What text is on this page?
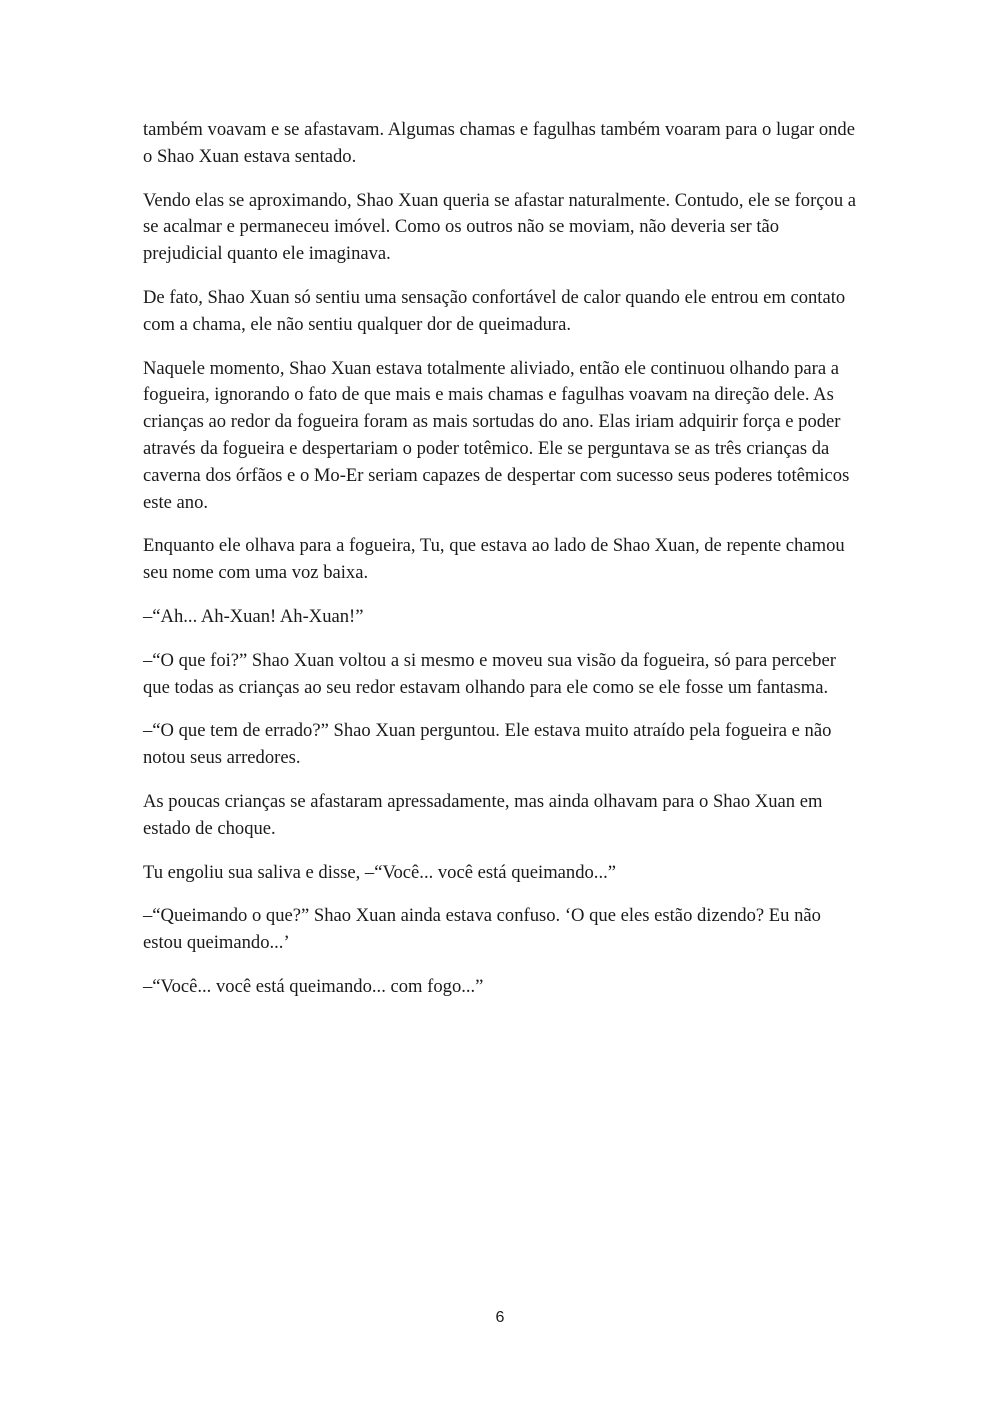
também voavam e se afastavam. Algumas chamas e fagulhas também voaram para o lugar onde o Shao Xuan estava sentado.

Vendo elas se aproximando, Shao Xuan queria se afastar naturalmente. Contudo, ele se forçou a se acalmar e permaneceu imóvel. Como os outros não se moviam, não deveria ser tão prejudicial quanto ele imaginava.

De fato, Shao Xuan só sentiu uma sensação confortável de calor quando ele entrou em contato com a chama, ele não sentiu qualquer dor de queimadura.

Naquele momento, Shao Xuan estava totalmente aliviado, então ele continuou olhando para a fogueira, ignorando o fato de que mais e mais chamas e fagulhas voavam na direção dele. As crianças ao redor da fogueira foram as mais sortudas do ano. Elas iriam adquirir força e poder através da fogueira e despertariam o poder totêmico. Ele se perguntava se as três crianças da caverna dos órfãos e o Mo-Er seriam capazes de despertar com sucesso seus poderes totêmicos este ano.

Enquanto ele olhava para a fogueira, Tu, que estava ao lado de Shao Xuan, de repente chamou seu nome com uma voz baixa.

–“Ah... Ah-Xuan! Ah-Xuan!”

–“O que foi?” Shao Xuan voltou a si mesmo e moveu sua visão da fogueira, só para perceber que todas as crianças ao seu redor estavam olhando para ele como se ele fosse um fantasma.

–“O que tem de errado?” Shao Xuan perguntou. Ele estava muito atraído pela fogueira e não notou seus arredores.

As poucas crianças se afastaram apressadamente, mas ainda olhavam para o Shao Xuan em estado de choque.

Tu engoliu sua saliva e disse, –“Você... você está queimando...”

–“Queimando o que?” Shao Xuan ainda estava confuso. ‘O que eles estão dizendo? Eu não estou queimando...’

–“Você... você está queimando... com fogo...”

6
